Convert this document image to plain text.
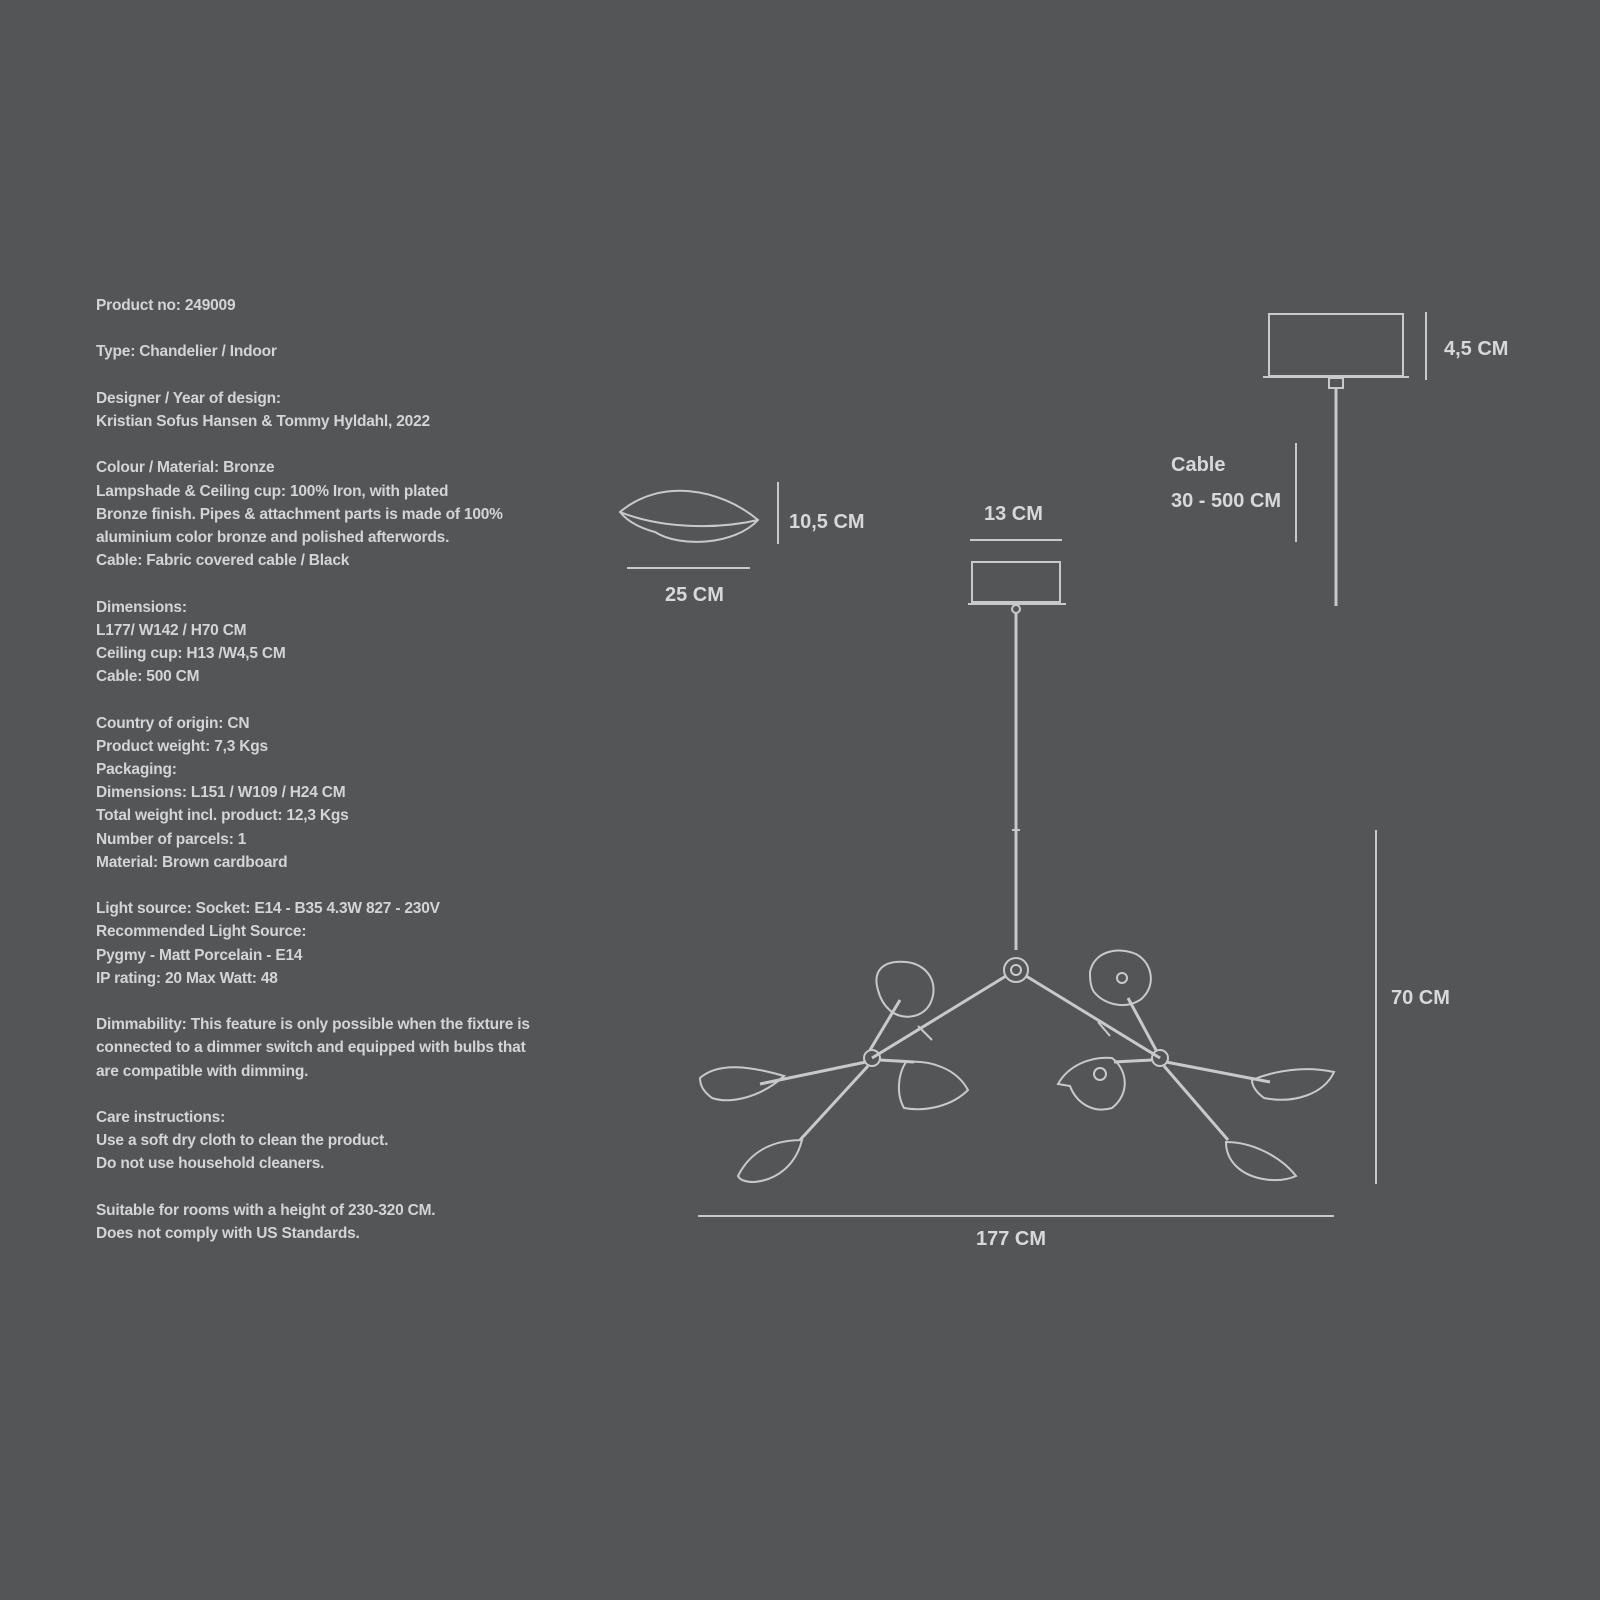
Product no: 249009
Type: Chandelier / Indoor
Designer / Year of design:
Kristian Sofus Hansen & Tommy Hyldahl, 2022
Colour / Material: Bronze
Lampshade & Ceiling cup: 100% Iron, with plated
Bronze finish. Pipes & attachment parts is made of 100%
aluminium color bronze and polished afterwords.
Cable: Fabric covered cable / Black
Dimensions:
L177/ W142 / H70 CM
Ceiling cup: H13 /W4,5 CM
Cable: 500 CM
Country of origin: CN
Product weight: 7,3 Kgs
Packaging:
Dimensions: L151 / W109 / H24 CM
Total weight incl. product: 12,3 Kgs
Number of parcels: 1
Material: Brown cardboard
Light source: Socket: E14 - B35 4.3W 827 - 230V
Recommended Light Source:
Pygmy - Matt Porcelain - E14
IP rating: 20 Max Watt: 48
Dimmability: This feature is only possible when the fixture is
connected to a dimmer switch and equipped with bulbs that
are compatible with dimming.
Care instructions:
Use a soft dry cloth to clean the product.
Do not use household cleaners.
Suitable for rooms with a height of 230-320 CM.
Does not comply with US Standards.
10,5 CM
25 CM
13 CM
4,5 CM
Cable
30 - 500 CM
70 CM
177 CM
